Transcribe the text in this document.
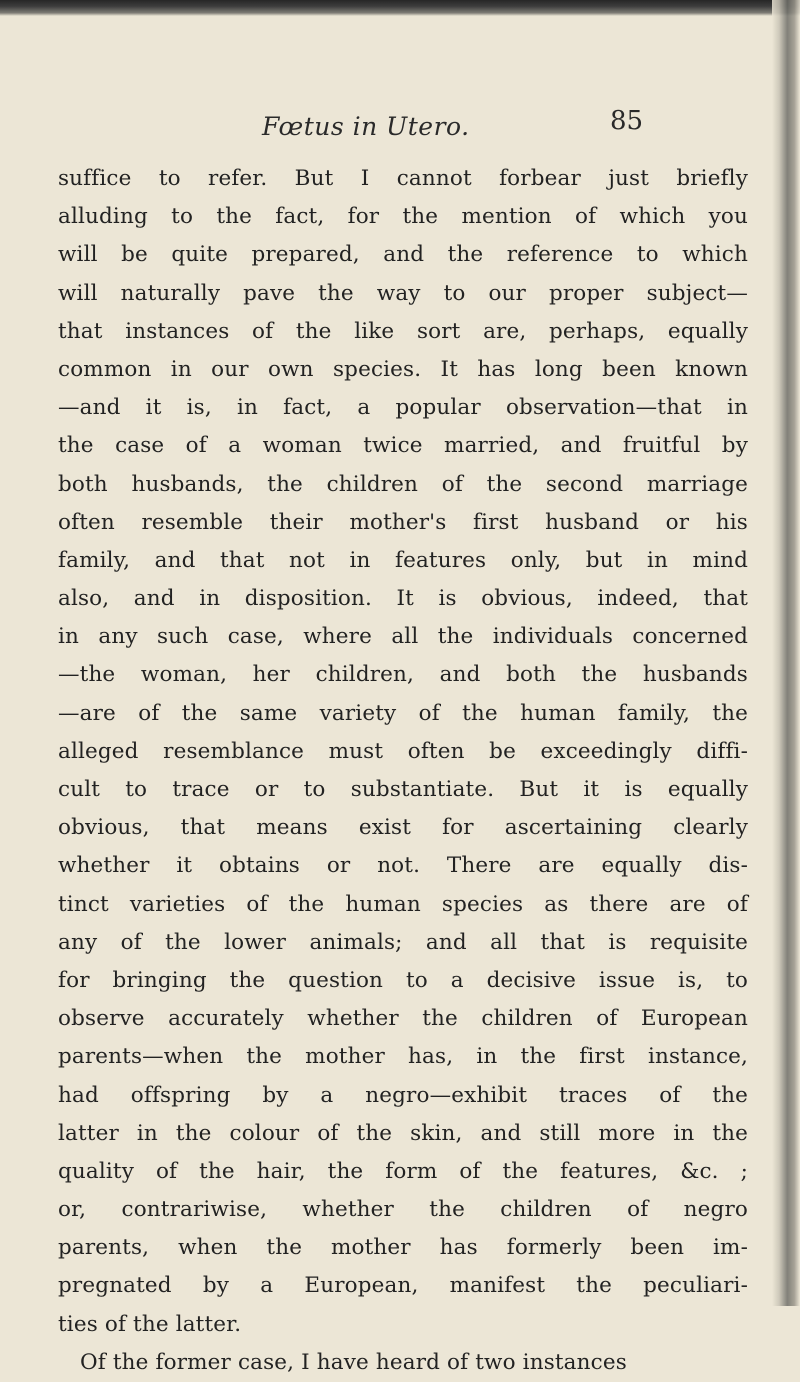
Fœtus in Utero.	85
suffice to refer. But I cannot forbear just briefly
alluding to the fact, for the mention of which you
will be quite prepared, and the reference to which
will naturally pave the way to our proper subject—
that instances of the like sort are, perhaps, equally
common in our own species. It has long been known
—and it is, in fact, a popular observation—that in
the case of a woman twice married, and fruitful by
both husbands, the children of the second marriage
often resemble their mother's first husband or his
family, and that not in features only, but in mind
also, and in disposition. It is obvious, indeed, that
in any such case, where all the individuals concerned
—the woman, her children, and both the husbands
—are of the same variety of the human family, the
alleged resemblance must often be exceedingly diffi-
cult to trace or to substantiate. But it is equally
obvious, that means exist for ascertaining clearly
whether it obtains or not. There are equally dis-
tinct varieties of the human species as there are of
any of the lower animals; and all that is requisite
for bringing the question to a decisive issue is, to
observe accurately whether the children of European
parents—when the mother has, in the first instance,
had offspring by a negro—exhibit traces of the
latter in the colour of the skin, and still more in the
quality of the hair, the form of the features, &c. ;
or, contrariwise, whether the children of negro
parents, when the mother has formerly been im-
pregnated by a European, manifest the peculiari-
ties of the latter.
Of the former case, I have heard of two instances
